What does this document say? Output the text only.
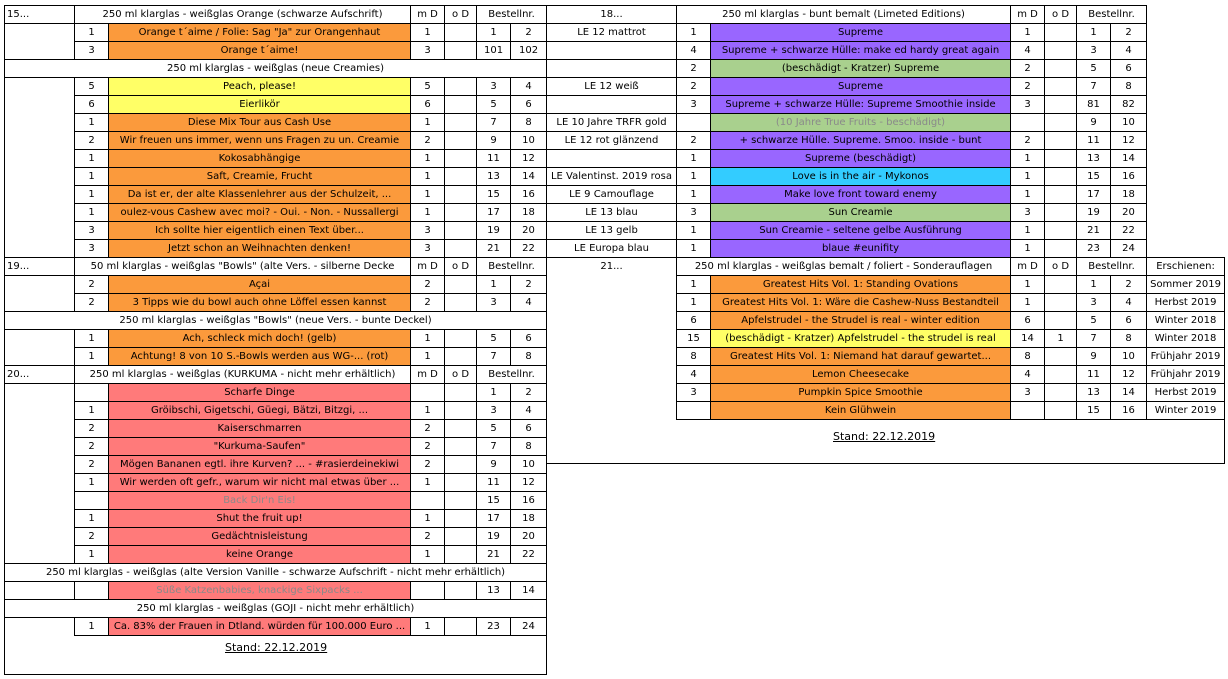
15...	250 ml klarglas - weißglas Orange (schwarze Aufschrift)		m D	o D	Bestellnr.	
	1	Orange t´aime / Folie: Sag "Ja" zur Orangenhaut	1		1	2
	3	Orange t´aime!	3		101	102
250 ml klarglas - weißglas (neue Creamies)						
	5	Peach, please!	5		3	4
	6	Eierlikör	6		5	6
	1	Diese Mix Tour aus Cash Use	1		7	8
	2	Wir freuen uns immer, wenn uns Fragen zu un. Creamie	2		9	10
	1	Kokosabhängige	1		11	12
	1	Saft, Creamie, Frucht	1		13	14
	1	Da ist er, der alte Klassenlehrer aus der Schulzeit, ...	1		15	16
	1	oulez-vous Cashew avec moi? - Oui. - Non. - Nussallergi	1		17	18
	3	Ich sollte hier eigentlich einen Text über...	3		19	20
	3	Jetzt schon an Weihnachten denken!	3		21	22
19...	50 ml klarglas - weißglas "Bowls" (alte Vers. - silberne Decke		m D	o D	Bestellnr.	
	2	Açai	2		1	2
	2	3 Tipps wie du bowl auch ohne Löffel essen kannst	2		3	4
250 ml klarglas - weißglas "Bowls" (neue Vers. - bunte Deckel)						
	1	Ach, schleck mich doch! (gelb)	1		5	6
	1	Achtung! 8 von 10 S.-Bowls werden aus WG-... (rot)	1		7	8
20...	250 ml klarglas - weißglas (KURKUMA - nicht mehr erhältlich)		m D	o D	Bestellnr.	
		Scharfe Dinge			1	2
	1	Gröibschi, Gigetschi, Güegi, Bätzi, Bitzgi, ...	1		3	4
	2	Kaiserschmarren	2		5	6
	2	"Kurkuma-Saufen"	2		7	8
	2	Mögen Bananen egtl. ihre Kurven? ... - #rasierdeinekiwi	2		9	10
	1	Wir werden oft gefr., warum wir nicht mal etwas über ...	1		11	12
		Back Dir'n Eis!			15	16
	1	Shut the fruit up!	1		17	18
	2	Gedächtnisleistung	2		19	20
	1	keine Orange	1		21	22
250 ml klarglas - weißglas (alte Version Vanille - schwarze Aufschrift - nicht mehr erhältlich)						
		Süße Katzenbabies, knackige Sixpacks ...			13	14
250 ml klarglas - weißglas (GOJI - nicht mehr erhältlich)						
	1	Ca. 83% der Frauen in Dtland. würden für 100.000 Euro ...	1		23	24
Stand: 22.12.2019
18...	250 ml klarglas - bunt bemalt (Limeted Editions)		m D	o D	Bestellnr.		
LE 12 mattrot	1	Supreme	1		1	2	
	4	Supreme + schwarze Hülle: make ed hardy great again	4		3	4	
	2	(beschädigt - Kratzer) Supreme	2		5	6	
LE 12 weiß	2	Supreme	2		7	8	
	3	Supreme + schwarze Hülle: Supreme Smoothie inside	3		81	82	
LE 10 Jahre TRFR gold		(10 Jahre True Fruits - beschädigt)			9	10	
LE 12 rot glänzend	2	+ schwarze Hülle. Supreme. Smoo. inside - bunt	2		11	12	
	1	Supreme (beschädigt)	1		13	14	
LE Valentinst. 2019 rosa	1	Love is in the air - Mykonos	1		15	16	
LE 9 Camouflage	1	Make love front toward enemy	1		17	18	
LE 13 blau	3	Sun Creamie	3		19	20	
LE 13 gelb	1	Sun Creamie - seltene gelbe Ausführung	1		21	22	
LE Europa blau	1	blaue #eunifity	1		23	24	
21...	250 ml klarglas - weißglas bemalt / foliert - Sonderauflagen		m D	o D	Bestellnr.		Erschienen:
	1	Greatest Hits Vol. 1: Standing Ovations	1		1	2	Sommer 2019
	1	Greatest Hits Vol. 1: Wäre die Cashew-Nuss Bestandteil	1		3	4	Herbst 2019
	6	Apfelstrudel - the Strudel is real - winter edition	6		5	6	Winter 2018
	15	(beschädigt - Kratzer) Apfelstrudel - the strudel is real	14	1	7	8	Winter 2018
	8	Greatest Hits Vol. 1: Niemand hat darauf gewartet...	8		9	10	Frühjahr 2019
	4	Lemon Cheesecake	4		11	12	Frühjahr 2019
	3	Pumpkin Spice Smoothie	3		13	14	Herbst 2019
		Kein Glühwein			15	16	Winter 2019
Stand: 22.12.2019
